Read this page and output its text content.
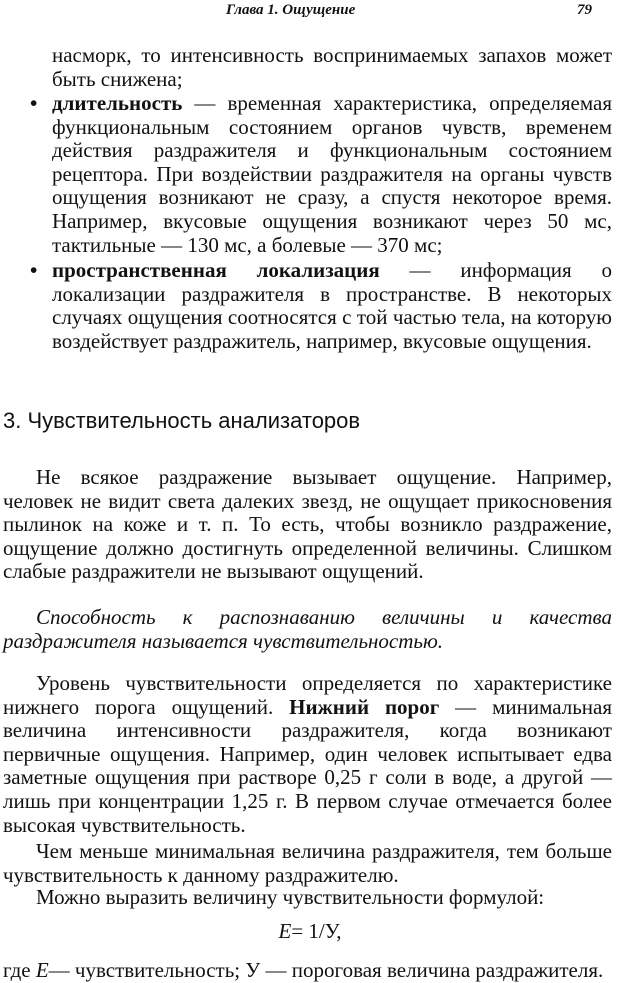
Глава 1. Ощущение	79

насморк, то интенсивность воспринимаемых запахов может быть снижена;

• длительность — временная характеристика, определяемая функциональным состоянием органов чувств, временем действия раздражителя и функциональным состоянием рецептора. При воздействии раздражителя на органы чувств ощущения возникают не сразу, а спустя некоторое время. Например, вкусовые ощущения возникают через 50 мс, тактильные — 130 мс, а болевые — 370 мс;

• пространственная локализация — информация о локализации раздражителя в пространстве. В некоторых случаях ощущения соотносятся с той частью тела, на которую воздействует раздражитель, например, вкусовые ощущения.

3. Чувствительность анализаторов

Не всякое раздражение вызывает ощущение. Например, человек не видит света далеких звезд, не ощущает прикосновения пылинок на коже и т. п. То есть, чтобы возникло раздражение, ощущение должно достигнуть определенной величины. Слишком слабые раздражители не вызывают ощущений.

Способность к распознаванию величины и качества раздражителя называется чувствительностью.

Уровень чувствительности определяется по характеристике нижнего порога ощущений. Нижний порог — минимальная величина интенсивности раздражителя, когда возникают первичные ощущения. Например, один человек испытывает едва заметные ощущения при растворе 0,25 г соли в воде, а другой — лишь при концентрации 1,25 г. В первом случае отмечается более высокая чувствительность.

Чем меньше минимальная величина раздражителя, тем больше чувствительность к данному раздражителю.

Можно выразить величину чувствительности формулой:

E= 1/У,

где E— чувствительность; У — пороговая величина раздражителя.
